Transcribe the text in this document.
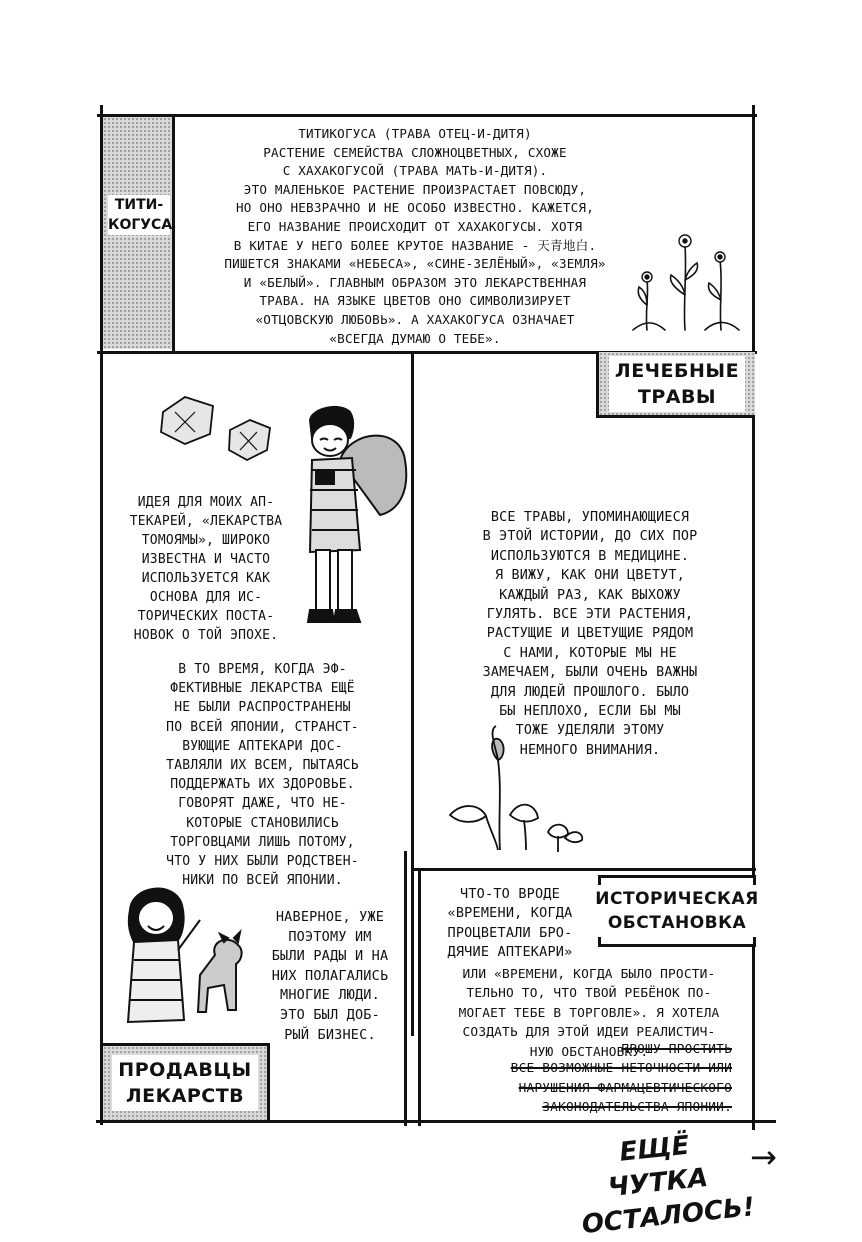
ТИТИ-
КОГУСА
ТИТИКОГУСА (ТРАВА ОТЕЦ-И-ДИТЯ)
РАСТЕНИЕ СЕМЕЙСТВА СЛОЖНОЦВЕТНЫХ, СХОЖЕ
С ХАХАКОГУСОЙ (ТРАВА МАТЬ-И-ДИТЯ).
ЭТО МАЛЕНЬКОЕ РАСТЕНИЕ ПРОИЗРАСТАЕТ ПОВСЮДУ,
НО ОНО НЕВЗРАЧНО И НЕ ОСОБО ИЗВЕСТНО. КАЖЕТСЯ,
ЕГО НАЗВАНИЕ ПРОИСХОДИТ ОТ ХАХАКОГУСЫ. ХОТЯ
В КИТАЕ У НЕГО БОЛЕЕ КРУТОЕ НАЗВАНИЕ - 天青地白.
ПИШЕТСЯ ЗНАКАМИ «НЕБЕСА», «СИНЕ-ЗЕЛЁНЫЙ», «ЗЕМЛЯ»
И «БЕЛЫЙ». ГЛАВНЫМ ОБРАЗОМ ЭТО ЛЕКАРСТВЕННАЯ
ТРАВА. НА ЯЗЫКЕ ЦВЕТОВ ОНО СИМВОЛИЗИРУЕТ
«ОТЦОВСКУЮ ЛЮБОВЬ». А ХАХАКОГУСА ОЗНАЧАЕТ
«ВСЕГДА ДУМАЮ О ТЕБЕ».
ИДЕЯ ДЛЯ МОИХ АП-
ТЕКАРЕЙ, «ЛЕКАРСТВА
ТОМОЯМЫ», ШИРОКО
ИЗВЕСТНА И ЧАСТО
ИСПОЛЬЗУЕТСЯ КАК
ОСНОВА ДЛЯ ИС-
ТОРИЧЕСКИХ ПОСТА-
НОВОК О ТОЙ ЭПОХЕ.
В ТО ВРЕМЯ, КОГДА ЭФ-
ФЕКТИВНЫЕ ЛЕКАРСТВА ЕЩЁ
НЕ БЫЛИ РАСПРОСТРАНЕНЫ
ПО ВСЕЙ ЯПОНИИ, СТРАНСТ-
ВУЮЩИЕ АПТЕКАРИ ДОС-
ТАВЛЯЛИ ИХ ВСЕМ, ПЫТАЯСЬ
ПОДДЕРЖАТЬ ИХ ЗДОРОВЬЕ.
ГОВОРЯТ ДАЖЕ, ЧТО НЕ-
КОТОРЫЕ СТАНОВИЛИСЬ
ТОРГОВЦАМИ ЛИШЬ ПОТОМУ,
ЧТО У НИХ БЫЛИ РОДСТВЕН-
НИКИ ПО ВСЕЙ ЯПОНИИ.
НАВЕРНОЕ, УЖЕ
ПОЭТОМУ ИМ
БЫЛИ РАДЫ И НА
НИХ ПОЛАГАЛИСЬ
МНОГИЕ ЛЮДИ.
ЭТО БЫЛ ДОБ-
РЫЙ БИЗНЕС.
ПРОДАВЦЫ
ЛЕКАРСТВ
ЛЕЧЕБНЫЕ
ТРАВЫ
ВСЕ ТРАВЫ, УПОМИНАЮЩИЕСЯ
В ЭТОЙ ИСТОРИИ, ДО СИХ ПОР
ИСПОЛЬЗУЮТСЯ В МЕДИЦИНЕ.
Я ВИЖУ, КАК ОНИ ЦВЕТУТ,
КАЖДЫЙ РАЗ, КАК ВЫХОЖУ
ГУЛЯТЬ. ВСЕ ЭТИ РАСТЕНИЯ,
РАСТУЩИЕ И ЦВЕТУЩИЕ РЯДОМ
С НАМИ, КОТОРЫЕ МЫ НЕ
ЗАМЕЧАЕМ, БЫЛИ ОЧЕНЬ ВАЖНЫ
ДЛЯ ЛЮДЕЙ ПРОШЛОГО. БЫЛО
БЫ НЕПЛОХО, ЕСЛИ БЫ МЫ
ТОЖЕ УДЕЛЯЛИ ЭТОМУ
НЕМНОГО ВНИМАНИЯ.
ИСТОРИЧЕСКАЯ
ОБСТАНОВКА
ЧТО-ТО ВРОДЕ
«ВРЕМЕНИ, КОГДА
ПРОЦВЕТАЛИ БРО-
ДЯЧИЕ АПТЕКАРИ»
ИЛИ «ВРЕМЕНИ, КОГДА БЫЛО ПРОСТИ-
ТЕЛЬНО ТО, ЧТО ТВОЙ РЕБЁНОК ПО-
МОГАЕТ ТЕБЕ В ТОРГОВЛЕ». Я ХОТЕЛА
СОЗДАТЬ ДЛЯ ЭТОЙ ИДЕИ РЕАЛИСТИЧ-
НУЮ ОБСТАНОВКУ.
ПРОШУ ПРОСТИТЬ
ВСЕ ВОЗМОЖНЫЕ НЕТОЧНОСТИ ИЛИ
НАРУШЕНИЯ ФАРМАЦЕВТИЧЕСКОГО
ЗАКОНОДАТЕЛЬСТВА ЯПОНИИ.
ЕЩЁ ЧУТКА
ОСТАЛОСЬ!
→
